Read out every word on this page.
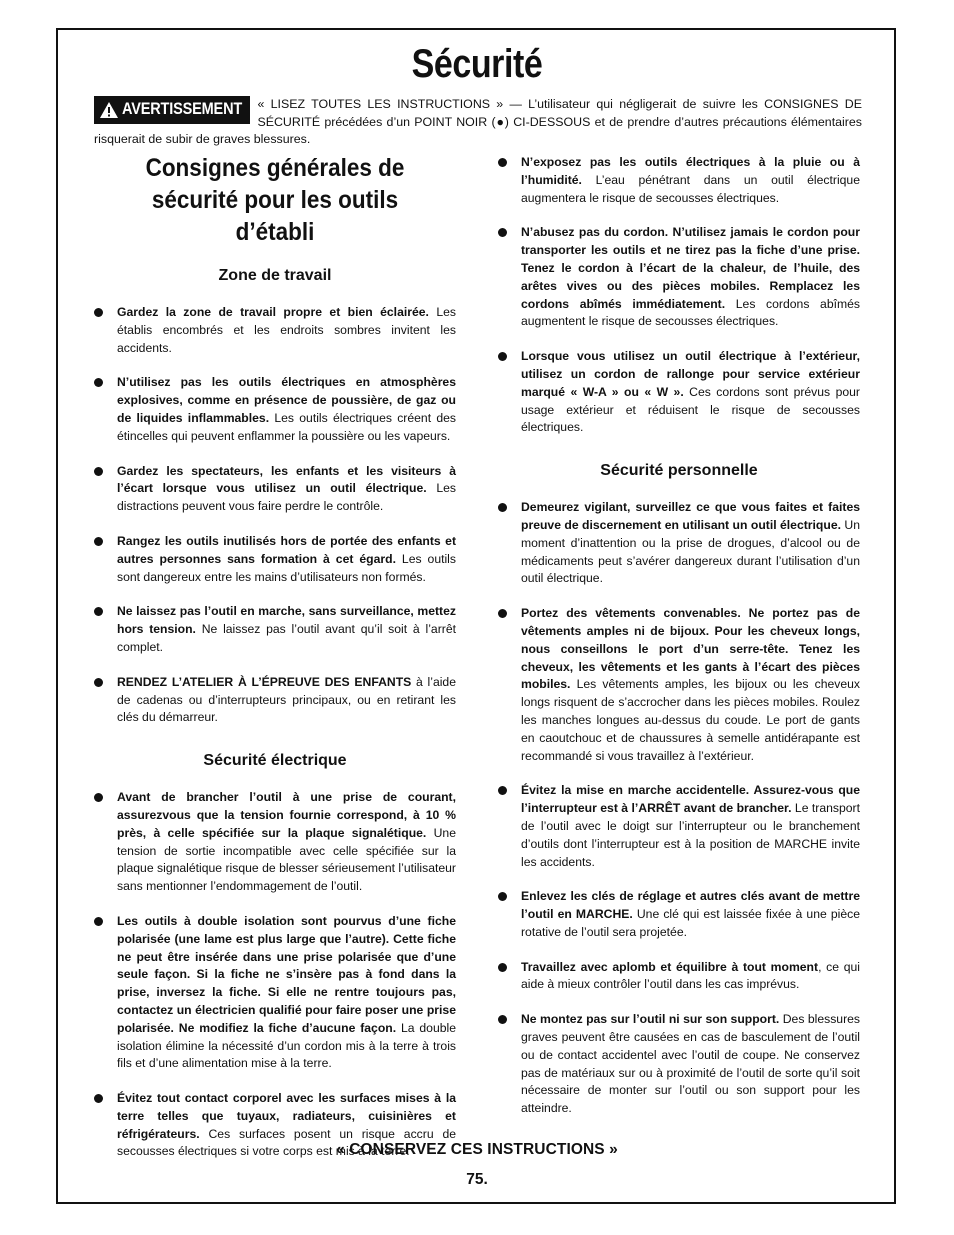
Sécurité
AVERTISSEMENT	« LISEZ TOUTES LES INSTRUCTIONS » — L’utilisateur qui négligerait de suivre les CONSIGNES DE SÉCURITÉ précédées d’un POINT NOIR (●) CI-DESSOUS et de prendre d’autres précautions élémentaires risquerait de subir de graves blessures.
Consignes générales de
sécurité pour les outils d’établi
Zone de travail
Gardez la zone de travail propre et bien éclairée. Les établis encombrés et les endroits sombres invitent les accidents.
N’utilisez pas les outils électriques en atmosphères explosives, comme en présence de poussière, de gaz ou de liquides inflammables. Les outils électriques créent des étincelles qui peuvent enflammer la poussière ou les vapeurs.
Gardez les spectateurs, les enfants et les visiteurs à l’écart lorsque vous utilisez un outil électrique. Les distractions peuvent vous faire perdre le contrôle.
Rangez les outils inutilisés hors de portée des enfants et autres personnes sans formation à cet égard. Les outils sont dangereux entre les mains d’utilisateurs non formés.
Ne laissez pas l’outil en marche, sans surveillance, mettez hors tension. Ne laissez pas l’outil avant qu’il soit à l’arrêt complet.
RENDEZ L’ATELIER À L’ÉPREUVE DES ENFANTS à l’aide de cadenas ou d’interrupteurs principaux, ou en retirant les clés du démarreur.
Sécurité électrique
Avant de brancher l’outil à une prise de courant, assurezvous que la tension fournie correspond, à 10 % près, à celle spécifiée sur la plaque signalétique. Une tension de sortie incompatible avec celle spécifiée sur la plaque signalétique risque de blesser sérieusement l’utilisateur sans mentionner l’endommagement de l’outil.
Les outils à double isolation sont pourvus d’une fiche polarisée (une lame est plus large que l’autre). Cette fiche ne peut être insérée dans une prise polarisée que d’une seule façon. Si la fiche ne s’insère pas à fond dans la prise, inversez la fiche. Si elle ne rentre toujours pas, contactez un électricien qualifié pour faire poser une prise polarisée. Ne modifiez la fiche d’aucune façon. La double isolation élimine la nécessité d’un cordon mis à la terre à trois fils et d’une alimentation mise à la terre.
Évitez tout contact corporel avec les surfaces mises à la terre telles que tuyaux, radiateurs, cuisinières et réfrigérateurs. Ces surfaces posent un risque accru de secousses électriques si votre corps est mis à la terre.
N’exposez pas les outils électriques à la pluie ou à l’humidité. L’eau pénétrant dans un outil électrique augmentera le risque de secousses électriques.
N’abusez pas du cordon. N’utilisez jamais le cordon pour transporter les outils et ne tirez pas la fiche d’une prise. Tenez le cordon à l’écart de la chaleur, de l’huile, des arêtes vives ou des pièces mobiles. Remplacez les cordons abîmés immédiatement. Les cordons abîmés augmentent le risque de secousses électriques.
Lorsque vous utilisez un outil électrique à l’extérieur, utilisez un cordon de rallonge pour service extérieur marqué « W-A » ou « W ». Ces cordons sont prévus pour usage extérieur et réduisent le risque de secousses électriques.
Sécurité personnelle
Demeurez vigilant, surveillez ce que vous faites et faites preuve de discernement en utilisant un outil électrique. Un moment d’inattention ou la prise de drogues, d’alcool ou de médicaments peut s’avérer dangereux durant l’utilisation d’un outil électrique.
Portez des vêtements convenables. Ne portez pas de vêtements amples ni de bijoux. Pour les cheveux longs, nous conseillons le port d’un serre-tête. Tenez les cheveux, les vêtements et les gants à l’écart des pièces mobiles. Les vêtements amples, les bijoux ou les cheveux longs risquent de s’accrocher dans les pièces mobiles. Roulez les manches longues au-dessus du coude. Le port de gants en caoutchouc et de chaussures à semelle antidérapante est recommandé si vous travaillez à l’extérieur.
Évitez la mise en marche accidentelle. Assurez-vous que l’interrupteur est à l’ARRÊT avant de brancher. Le transport de l’outil avec le doigt sur l’interrupteur ou le branchement d’outils dont l’interrupteur est à la position de MARCHE invite les accidents.
Enlevez les clés de réglage et autres clés avant de mettre l’outil en MARCHE. Une clé qui est laissée fixée à une pièce rotative de l’outil sera projetée.
Travaillez avec aplomb et équilibre à tout moment, ce qui aide à mieux contrôler l’outil dans les cas imprévus.
Ne montez pas sur l’outil ni sur son support. Des blessures graves peuvent être causées en cas de basculement de l’outil ou de contact accidentel avec l’outil de coupe. Ne conservez pas de matériaux sur ou à proximité de l’outil de sorte qu’il soit nécessaire de monter sur l’outil ou son support pour les atteindre.
« CONSERVEZ CES INSTRUCTIONS »
75.
